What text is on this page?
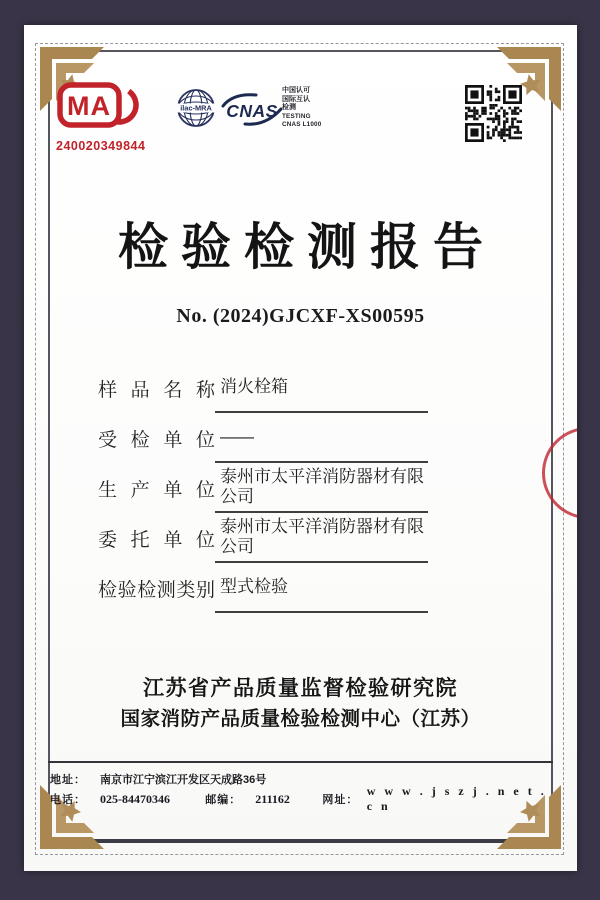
MA
240020349844
ilac-MRA CNAS
中国认可
国际互认
检测
TESTING
CNAS L1000
检验检测报告
No. (2024)GJCXF-XS00595
样 品 名 称 消火栓箱
受 检 单 位 ——
生 产 单 位
泰州市太平洋消防器材有限公司
委 托 单 位
泰州市太平洋消防器材有限公司
检验检测类别 型式检验
江苏省产品质量监督检验研究院
国家消防产品质量检验检测中心（江苏）
地址：	南京市江宁滨江开发区天成路36号
电话：	025-84470346	邮编：	211162	网址：
w w w . j s z j . n e t . c n
